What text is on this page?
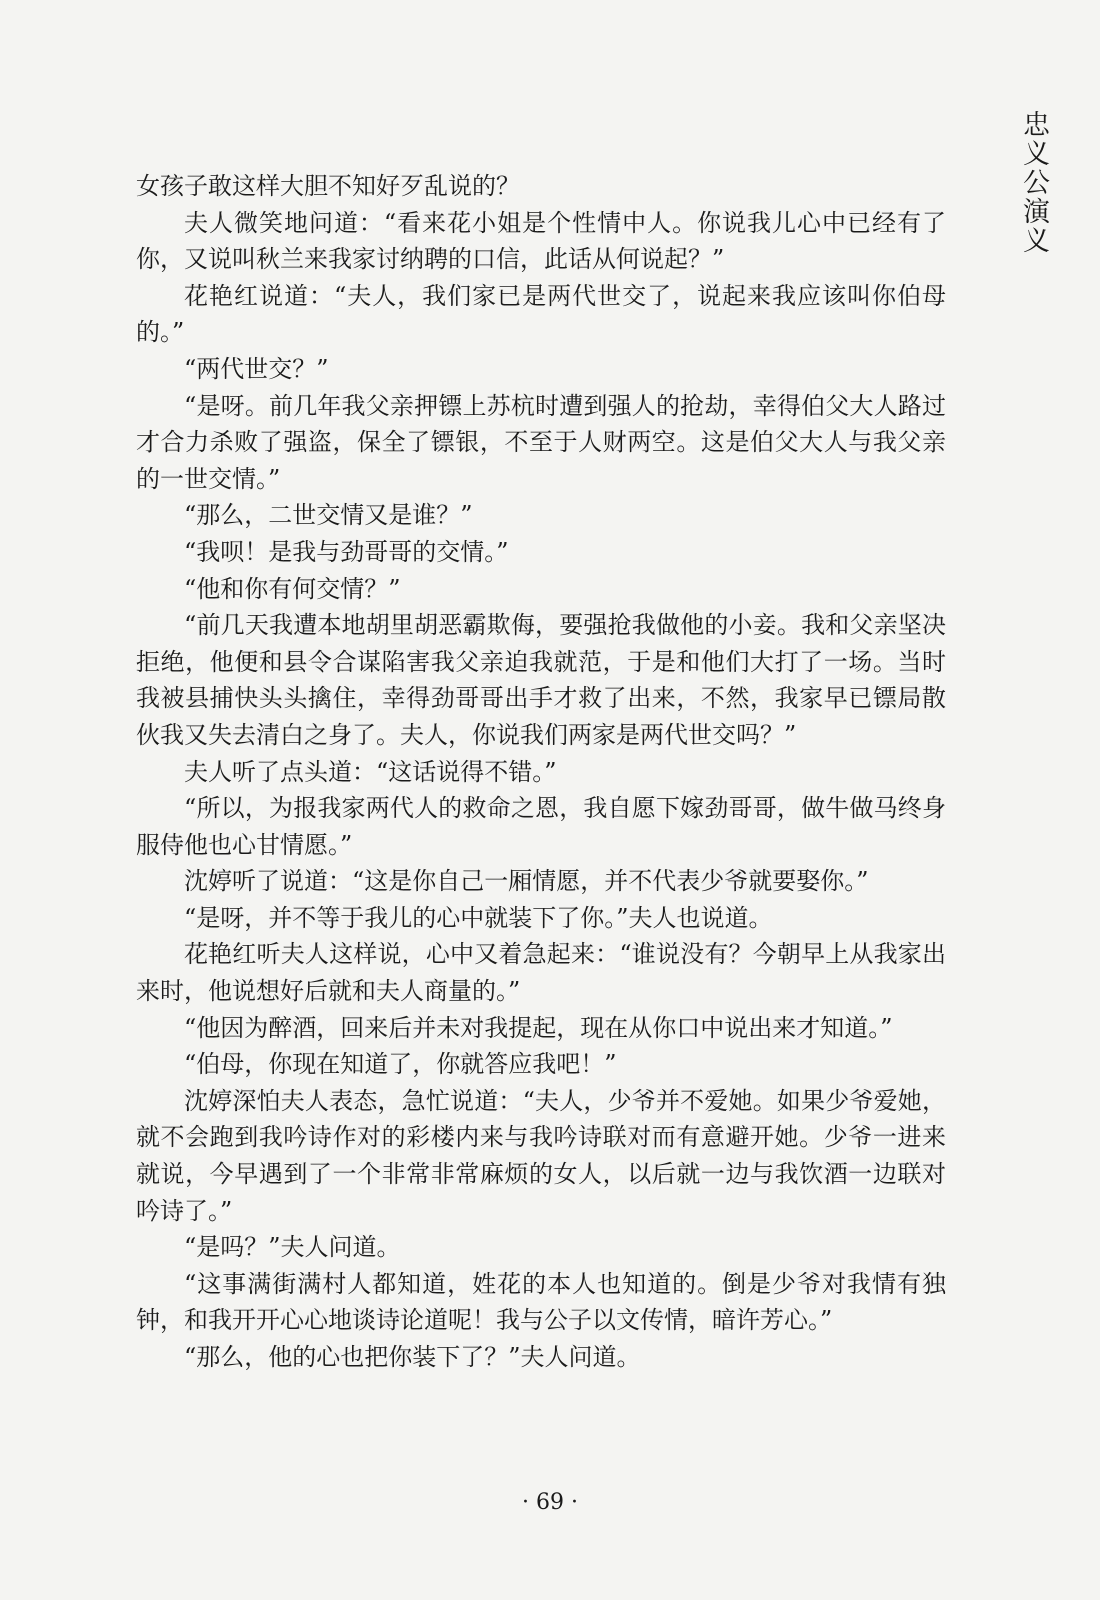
忠义公演义

女孩子敢这样大胆不知好歹乱说的？

夫人微笑地问道：“看来花小姐是个性情中人。你说我儿心中已经有了你，又说叫秋兰来我家讨纳聘的口信，此话从何说起？”

花艳红说道：“夫人，我们家已是两代世交了，说起来我应该叫你伯母的。”

“两代世交？”

“是呀。前几年我父亲押镖上苏杭时遭到强人的抢劫，幸得伯父大人路过才合力杀败了强盗，保全了镖银，不至于人财两空。这是伯父大人与我父亲的一世交情。”

“那么，二世交情又是谁？”

“我呗！是我与劲哥哥的交情。”

“他和你有何交情？”

“前几天我遭本地胡里胡恶霸欺侮，要强抢我做他的小妾。我和父亲坚决拒绝，他便和县令合谋陷害我父亲迫我就范，于是和他们大打了一场。当时我被县捕快头头擒住，幸得劲哥哥出手才救了出来，不然，我家早已镖局散伙我又失去清白之身了。夫人，你说我们两家是两代世交吗？”

夫人听了点头道：“这话说得不错。”

“所以，为报我家两代人的救命之恩，我自愿下嫁劲哥哥，做牛做马终身服侍他也心甘情愿。”

沈婷听了说道：“这是你自己一厢情愿，并不代表少爷就要娶你。”

“是呀，并不等于我儿的心中就装下了你。”夫人也说道。

花艳红听夫人这样说，心中又着急起来：“谁说没有？今朝早上从我家出来时，他说想好后就和夫人商量的。”

“他因为醉酒，回来后并未对我提起，现在从你口中说出来才知道。”

“伯母，你现在知道了，你就答应我吧！”

沈婷深怕夫人表态，急忙说道：“夫人，少爷并不爱她。如果少爷爱她，就不会跑到我吟诗作对的彩楼内来与我吟诗联对而有意避开她。少爷一进来就说，今早遇到了一个非常非常麻烦的女人，以后就一边与我饮酒一边联对吟诗了。”

“是吗？”夫人问道。

“这事满街满村人都知道，姓花的本人也知道的。倒是少爷对我情有独钟，和我开开心心地谈诗论道呢！我与公子以文传情，暗许芳心。”

“那么，他的心也把你装下了？”夫人问道。

· 69 ·
